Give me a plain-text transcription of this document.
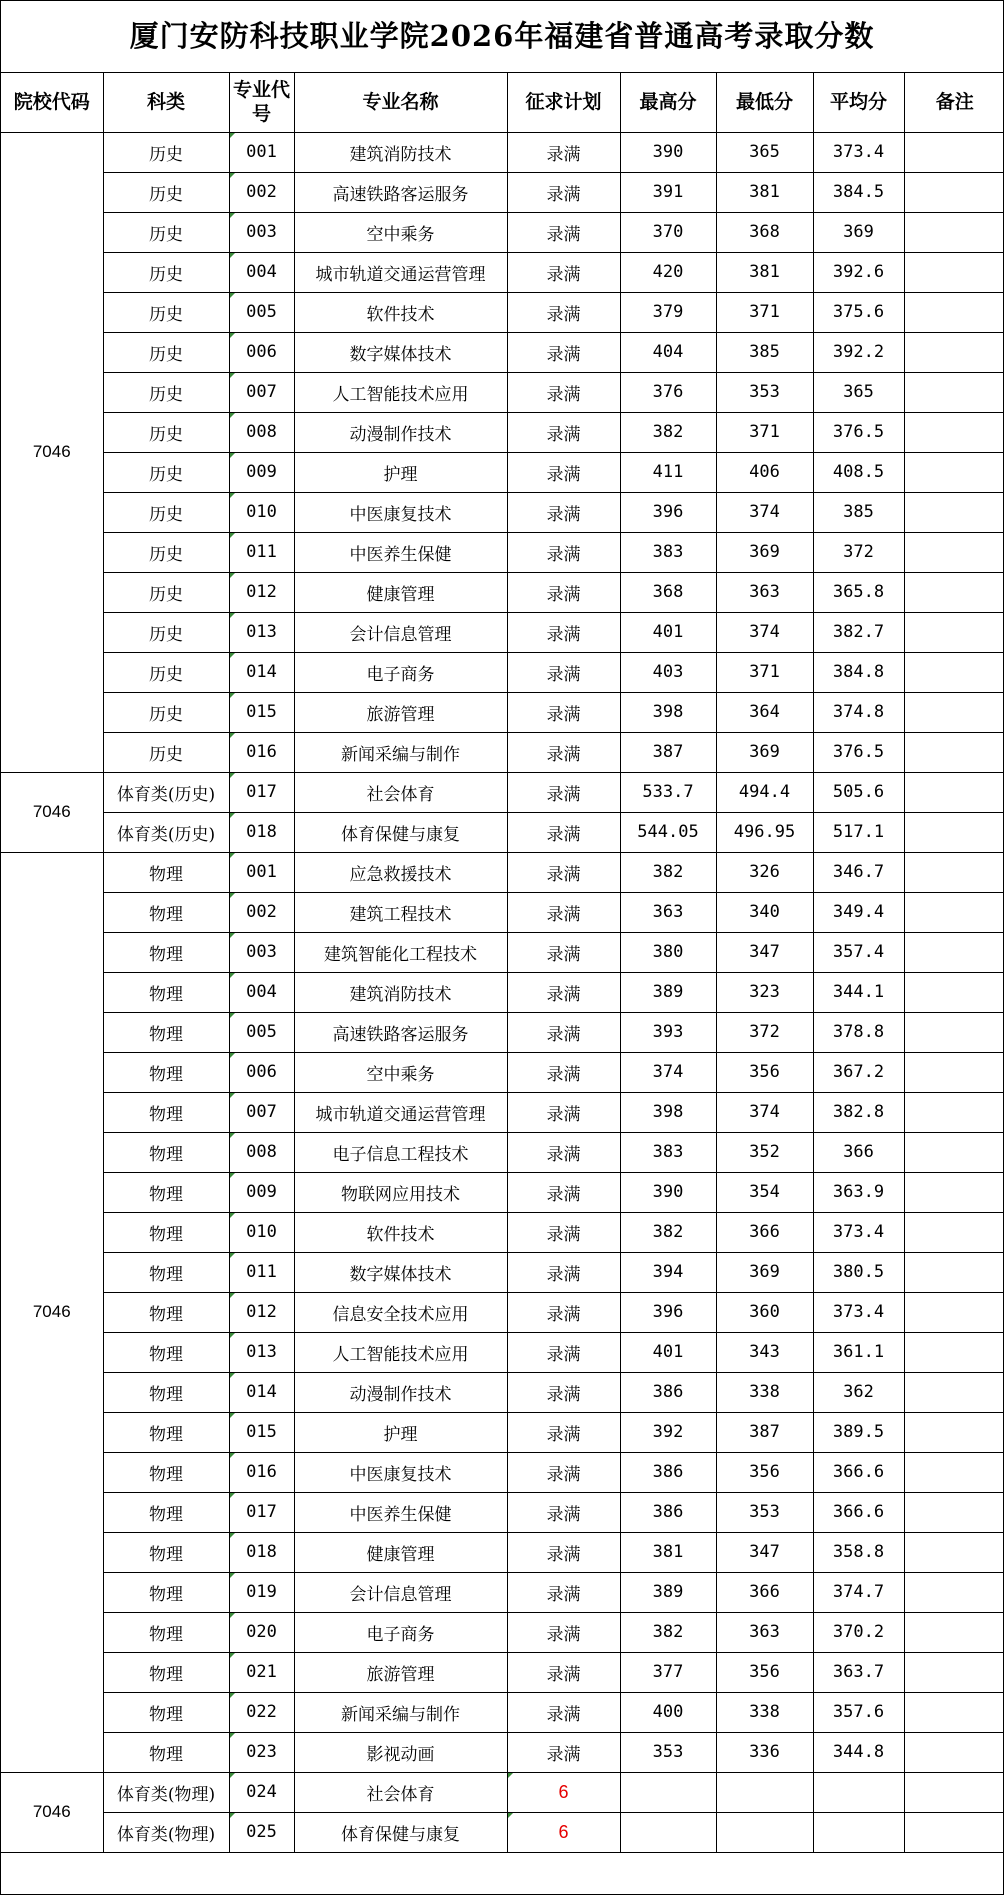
厦门安防科技职业学院2026年福建省普通高考录取分数
院校代码	科类	专业代号	专业名称	征求计划	最高分	最低分	平均分	备注
7046	历史	001	建筑消防技术	录满	390	365	373.4	
	历史	002	高速铁路客运服务	录满	391	381	384.5	
	历史	003	空中乘务	录满	370	368	369	
	历史	004	城市轨道交通运营管理	录满	420	381	392.6	
	历史	005	软件技术	录满	379	371	375.6	
	历史	006	数字媒体技术	录满	404	385	392.2	
	历史	007	人工智能技术应用	录满	376	353	365	
	历史	008	动漫制作技术	录满	382	371	376.5	
	历史	009	护理	录满	411	406	408.5	
	历史	010	中医康复技术	录满	396	374	385	
	历史	011	中医养生保健	录满	383	369	372	
	历史	012	健康管理	录满	368	363	365.8	
	历史	013	会计信息管理	录满	401	374	382.7	
	历史	014	电子商务	录满	403	371	384.8	
	历史	015	旅游管理	录满	398	364	374.8	
	历史	016	新闻采编与制作	录满	387	369	376.5	
7046	体育类(历史)	017	社会体育	录满	533.7	494.4	505.6	
	体育类(历史)	018	体育保健与康复	录满	544.05	496.95	517.1	
7046	物理	001	应急救援技术	录满	382	326	346.7	
	物理	002	建筑工程技术	录满	363	340	349.4	
	物理	003	建筑智能化工程技术	录满	380	347	357.4	
	物理	004	建筑消防技术	录满	389	323	344.1	
	物理	005	高速铁路客运服务	录满	393	372	378.8	
	物理	006	空中乘务	录满	374	356	367.2	
	物理	007	城市轨道交通运营管理	录满	398	374	382.8	
	物理	008	电子信息工程技术	录满	383	352	366	
	物理	009	物联网应用技术	录满	390	354	363.9	
	物理	010	软件技术	录满	382	366	373.4	
	物理	011	数字媒体技术	录满	394	369	380.5	
	物理	012	信息安全技术应用	录满	396	360	373.4	
	物理	013	人工智能技术应用	录满	401	343	361.1	
	物理	014	动漫制作技术	录满	386	338	362	
	物理	015	护理	录满	392	387	389.5	
	物理	016	中医康复技术	录满	386	356	366.6	
	物理	017	中医养生保健	录满	386	353	366.6	
	物理	018	健康管理	录满	381	347	358.8	
	物理	019	会计信息管理	录满	389	366	374.7	
	物理	020	电子商务	录满	382	363	370.2	
	物理	021	旅游管理	录满	377	356	363.7	
	物理	022	新闻采编与制作	录满	400	338	357.6	
	物理	023	影视动画	录满	353	336	344.8	
7046	体育类(物理)	024	社会体育	6				
	体育类(物理)	025	体育保健与康复	6				
